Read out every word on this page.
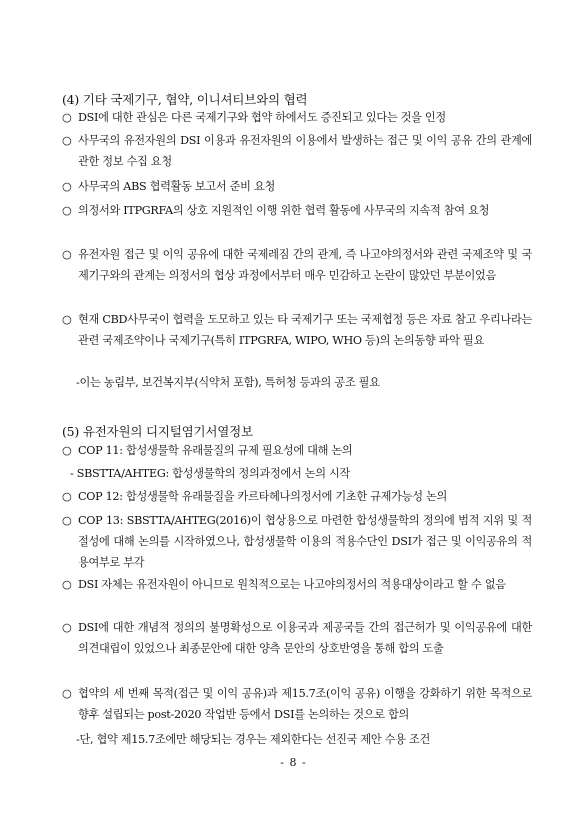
(4) 기타 국제기구, 협약, 이니셔티브와의 협력
○ DSI에 대한 관심은 다른 국제기구와 협약 하에서도 증진되고 있다는 것을 인정
○ 사무국의 유전자원의 DSI 이용과 유전자원의 이용에서 발생하는 접근 및 이익 공유 간의 관계에 관한 정보 수집 요청
○ 사무국의 ABS 협력활동 보고서 준비 요청
○ 의정서와 ITPGRFA의 상호 지원적인 이행 위한 협력 활동에 사무국의 지속적 참여 요청
○ 유전자원 접근 및 이익 공유에 대한 국제레짐 간의 관계, 즉 나고야의정서와 관련 국제조약 및 국제기구와의 관계는 의정서의 협상 과정에서부터 매우 민감하고 논란이 많았던 부분이었음
○ 현재 CBD사무국이 협력을 도모하고 있는 타 국제기구 또는 국제협정 등은 자료 참고 우리나라는 관련 국제조약이나 국제기구(특히 ITPGRFA, WIPO, WHO 등)의 논의동향 파악 필요
-이는 농림부, 보건복지부(식약처 포함), 특허청 등과의 공조 필요
(5) 유전자원의 디지털염기서열정보
○ COP 11: 합성생물학 유래물질의 규제 필요성에 대해 논의
- SBSTTA/AHTEG: 합성생물학의 정의과정에서 논의 시작
○ COP 12: 합성생물학 유래물질을 카르타헤나의정서에 기초한 규제가능성 논의
○ COP 13: SBSTTA/AHTEG(2016)이 협상용으로 마련한 합성생물학의 정의에 범적 지위 및 적절성에 대해 논의를 시작하였으나, 합성생물학 이용의 적용수단인 DSI가 접근 및 이익공유의 적용여부로 부각
○ DSI 자체는 유전자원이 아니므로 원칙적으로는 나고야의정서의 적용대상이라고 할 수 없음
○ DSI에 대한 개념적 정의의 불명확성으로 이용국과 제공국들 간의 접근허가 및 이익공유에 대한 의견대립이 있었으나 최종문안에 대한 양측 문안의 상호반영을 통해 합의 도출
○ 협약의 세 번째 목적(접근 및 이익 공유)과 제15.7조(이익 공유) 이행을 강화하기 위한 목적으로 향후 설립되는 post-2020 작업반 등에서 DSI를 논의하는 것으로 합의
-단, 협약 제15.7조에만 해당되는 경우는 제외한다는 선진국 제안 수용 조건
- 8 -
